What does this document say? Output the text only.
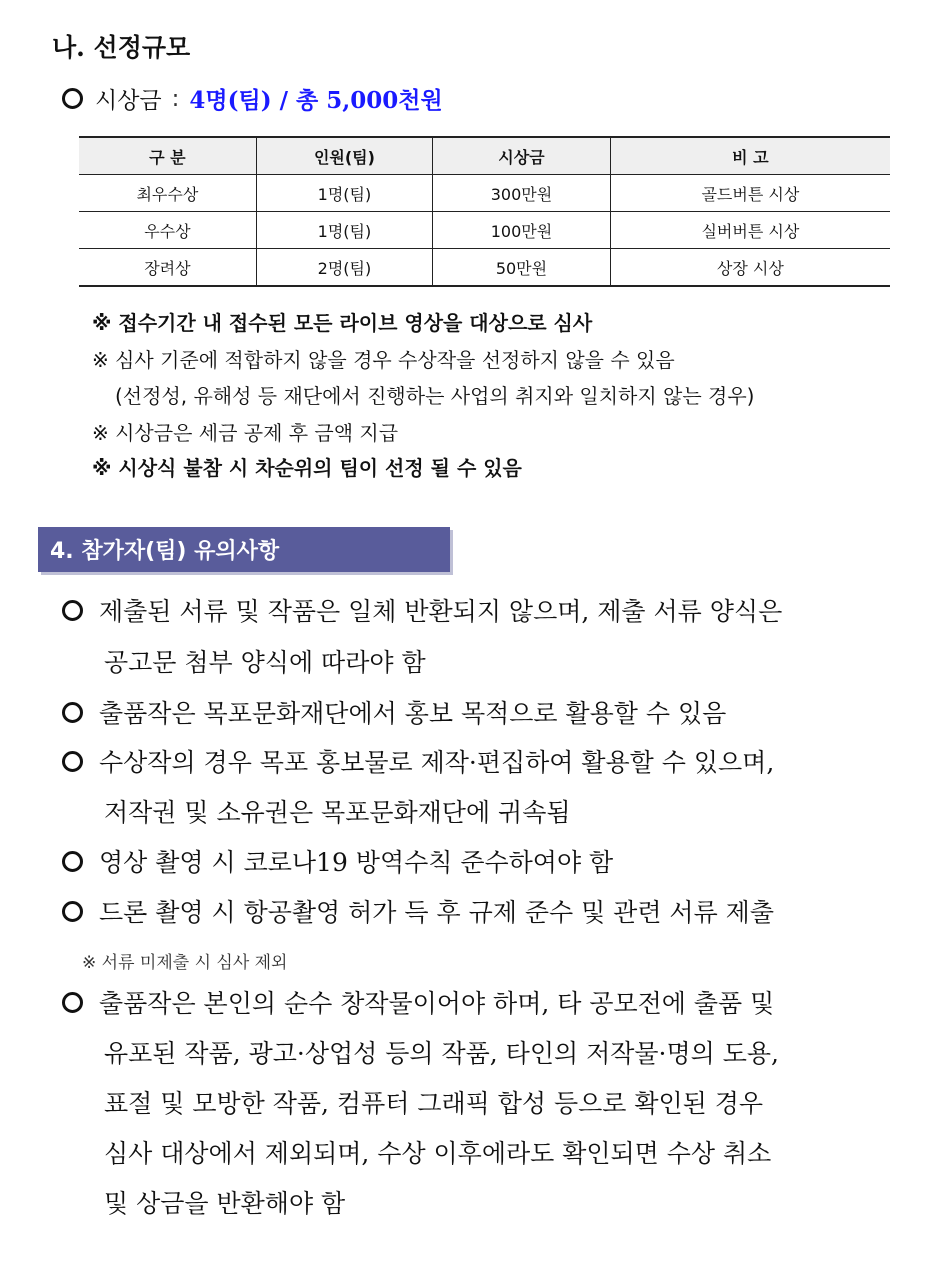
나. 선정규모
시상금 : 4명(팀) / 총 5,000천원
구 분	인원(팀)	시상금	비 고
최우수상	1명(팀)	300만원	골드버튼 시상
우수상	1명(팀)	100만원	실버버튼 시상
장려상	2명(팀)	50만원	상장 시상
※ 접수기간 내 접수된 모든 라이브 영상을 대상으로 심사
※ 심사 기준에 적합하지 않을 경우 수상작을 선정하지 않을 수 있음
(선정성, 유해성 등 재단에서 진행하는 사업의 취지와 일치하지 않는 경우)
※ 시상금은 세금 공제 후 금액 지급
※ 시상식 불참 시 차순위의 팀이 선정 될 수 있음
4. 참가자(팀) 유의사항
제출된 서류 및 작품은 일체 반환되지 않으며, 제출 서류 양식은
공고문 첨부 양식에 따라야 함
출품작은 목포문화재단에서 홍보 목적으로 활용할 수 있음
수상작의 경우 목포 홍보물로 제작·편집하여 활용할 수 있으며,
저작권 및 소유권은 목포문화재단에 귀속됨
영상 촬영 시 코로나19 방역수칙 준수하여야 함
드론 촬영 시 항공촬영 허가 득 후 규제 준수 및 관련 서류 제출
※ 서류 미제출 시 심사 제외
출품작은 본인의 순수 창작물이어야 하며, 타 공모전에 출품 및
유포된 작품, 광고·상업성 등의 작품, 타인의 저작물·명의 도용,
표절 및 모방한 작품, 컴퓨터 그래픽 합성 등으로 확인된 경우
심사 대상에서 제외되며, 수상 이후에라도 확인되면 수상 취소
및 상금을 반환해야 함
